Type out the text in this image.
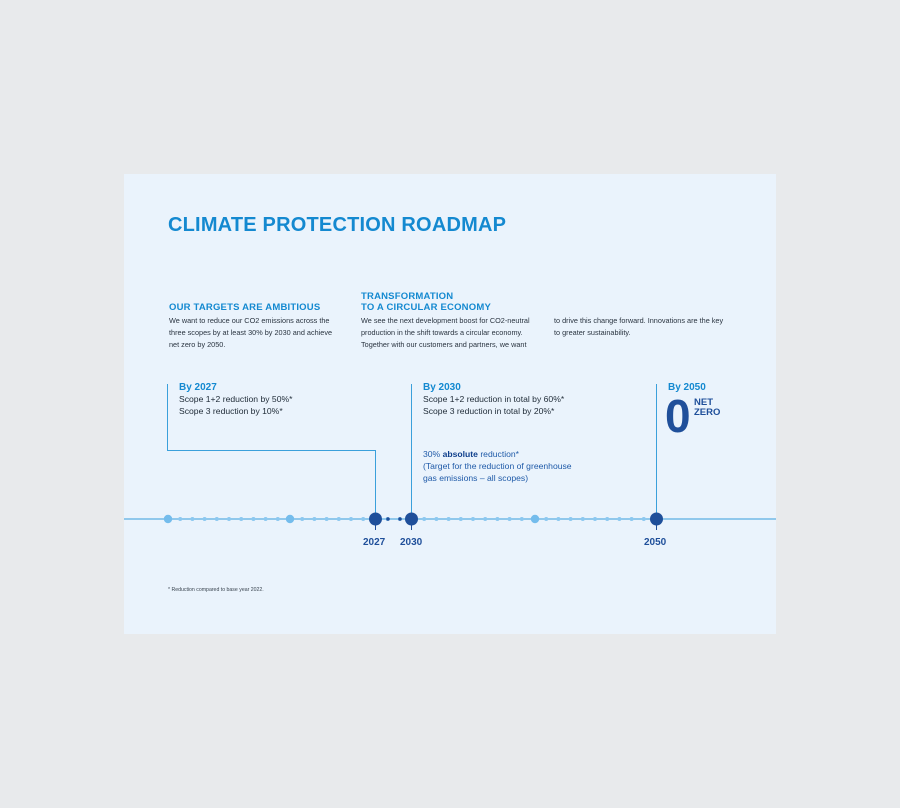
CLIMATE PROTECTION ROADMAP
OUR TARGETS ARE AMBITIOUS
We want to reduce our CO2 emissions across the
three scopes by at least 30% by 2030 and achieve
net zero by 2050.
TRANSFORMATION
TO A CIRCULAR ECONOMY
We see the next development boost for CO2-neutral
production in the shift towards a circular economy.
Together with our customers and partners, we want
to drive this change forward. Innovations are the key
to greater sustainability.
By 2027
Scope 1+2 reduction by 50%*
Scope 3 reduction by 10%*
By 2030
Scope 1+2 reduction in total by 60%*
Scope 3 reduction in total by 20%*
30% absolute reduction*
(Target for the reduction of greenhouse
gas emissions – all scopes)
By 2050
0 NET
ZERO
2027 2030	2050
* Reduction compared to base year 2022.
